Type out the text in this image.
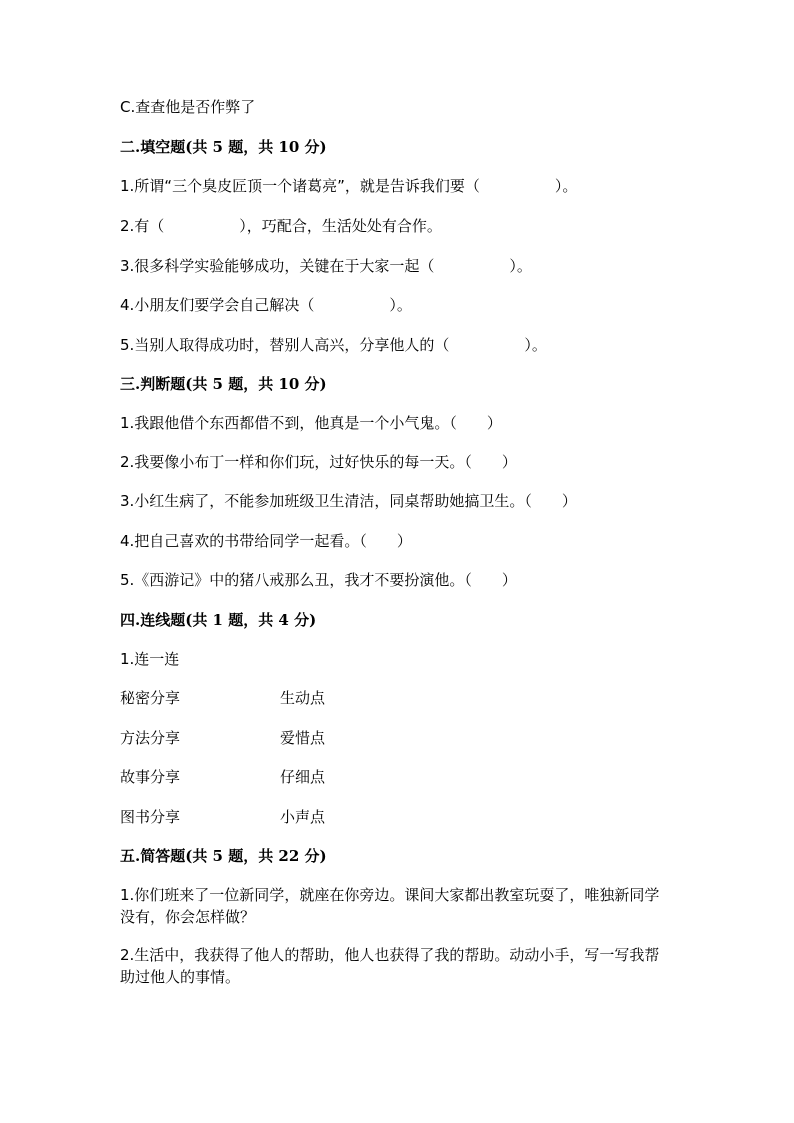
C.查查他是否作弊了
二.填空题(共 5 题，共 10 分)
1.所谓“三个臭皮匠顶一个诸葛亮”，就是告诉我们要（　　　　　）。
2.有（　　　　　），巧配合，生活处处有合作。
3.很多科学实验能够成功，关键在于大家一起（　　　　　）。
4.小朋友们要学会自己解决（　　　　　）。
5.当别人取得成功时，替别人高兴，分享他人的（　　　　　）。
三.判断题(共 5 题，共 10 分)
1.我跟他借个东西都借不到，他真是一个小气鬼。（　　）
2.我要像小布丁一样和你们玩，过好快乐的每一天。（　　）
3.小红生病了，不能参加班级卫生清洁，同桌帮助她搞卫生。（　　）
4.把自己喜欢的书带给同学一起看。（　　）
5.《西游记》中的猪八戒那么丑，我才不要扮演他。（　　）
四.连线题(共 1 题，共 4 分)
1.连一连
秘密分享	生动点
方法分享	爱惜点
故事分享	仔细点
图书分享	小声点
五.简答题(共 5 题，共 22 分)
1.你们班来了一位新同学，就座在你旁边。课间大家都出教室玩耍了，唯独新同学没有，你会怎样做？
2.生活中，我获得了他人的帮助，他人也获得了我的帮助。动动小手，写一写我帮助过他人的事情。
